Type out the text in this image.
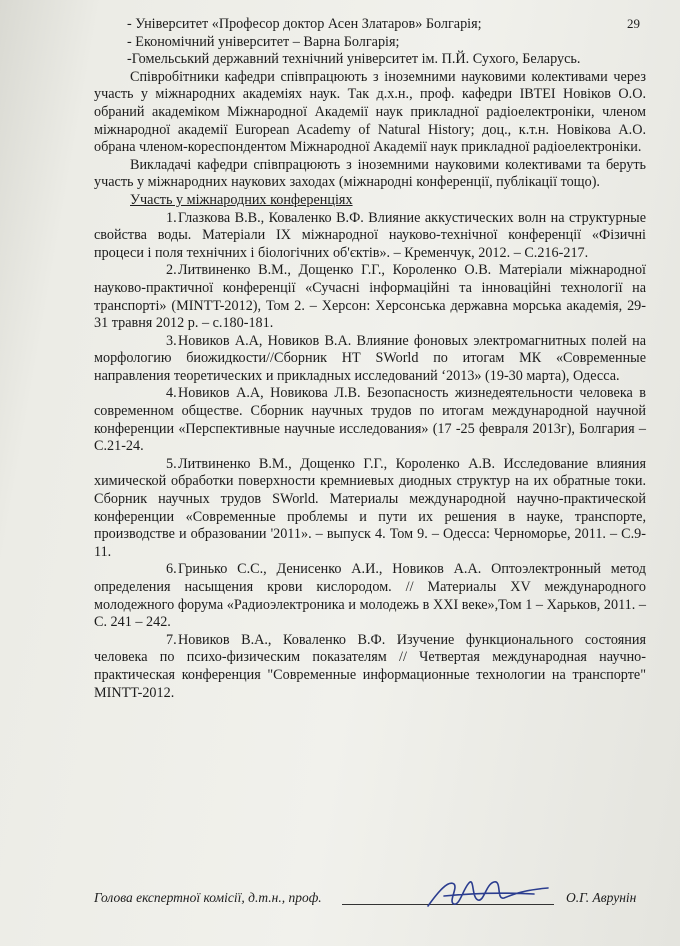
29

- Університет «Професор доктор Асен Златаров» Болгарія;

- Економічний університет – Варна Болгарія;

-Гомельський державний технічний університет ім. П.Й. Сухого, Беларусь.

Співробітники кафедри співпрацюють з іноземними науковими колективами через участь у міжнародних академіях наук. Так д.х.н., проф. кафедри ІВТЕІ Новіков О.О. обраний академіком Міжнародної Академії наук прикладної радіоелектроніки, членом міжнародної академії European Academy of Natural History; доц., к.т.н. Новікова А.О. обрана членом-кореспондентом Міжнародної Академії наук прикладної радіоелектроніки.

Викладачі кафедри співпрацюють з іноземними науковими колективами та беруть участь у міжнародних наукових заходах (міжнародні конференції, публікації тощо).

Участь у міжнародних конференціях

1.Глазкова В.В., Коваленко В.Ф. Влияние аккустических волн на структурные свойства воды. Матеріали IX міжнародної науково-технічної конференції «Фізичні процеси і поля технічних і біологічних об'єктів». – Кременчук, 2012. – С.216-217.

2.Литвиненко В.М., Дощенко Г.Г., Короленко О.В. Матеріали міжнародної науково-практичної конференції «Сучасні інформаційні та інноваційні технології на транспорті» (MINTT-2012), Том 2. – Херсон: Херсонська державна морська академія, 29-31 травня 2012 р. – с.180-181.

3.Новиков А.А, Новиков В.А. Влияние фоновых электромагнитных полей на морфологию биожидкости//Сборник НТ SWorld по итогам МК «Современные направления теоретических и прикладных исследований ‘2013» (19-30 марта), Одесса.

4.Новиков А.А, Новикова Л.В. Безопасность жизнедеятельности человека в современном обществе. Сборник научных трудов по итогам международной научной конференции «Перспективные научные исследования» (17 -25 февраля 2013г), Болгария – С.21-24.

5.Литвиненко В.М., Дощенко Г.Г., Короленко А.В. Исследование влияния химической обработки поверхности кремниевых диодных структур на их обратные токи. Сборник научных трудов SWorld. Материалы международной научно-практической конференции «Современные проблемы и пути их решения в науке, транспорте, производстве и образовании '2011». – выпуск 4. Том 9. – Одесса: Черноморье, 2011. – С.9-11.

6.Гринько С.С., Денисенко А.И., Новиков А.А. Оптоэлектронный метод определения насыщения крови кислородом. // Материалы XV международного молодежного форума «Радиоэлектроника и молодежь в XXI веке»,Том 1 – Харьков, 2011. – С. 241 – 242.

7.Новиков В.А., Коваленко В.Ф. Изучение функционального состояния человека по психо-физическим показателям // Четвертая международная научно-практическая конференция "Современные информационные технологии на транспорте" MINTT-2012.

Голова експертної комісії, д.т.н., проф.	О.Г. Аврунін
